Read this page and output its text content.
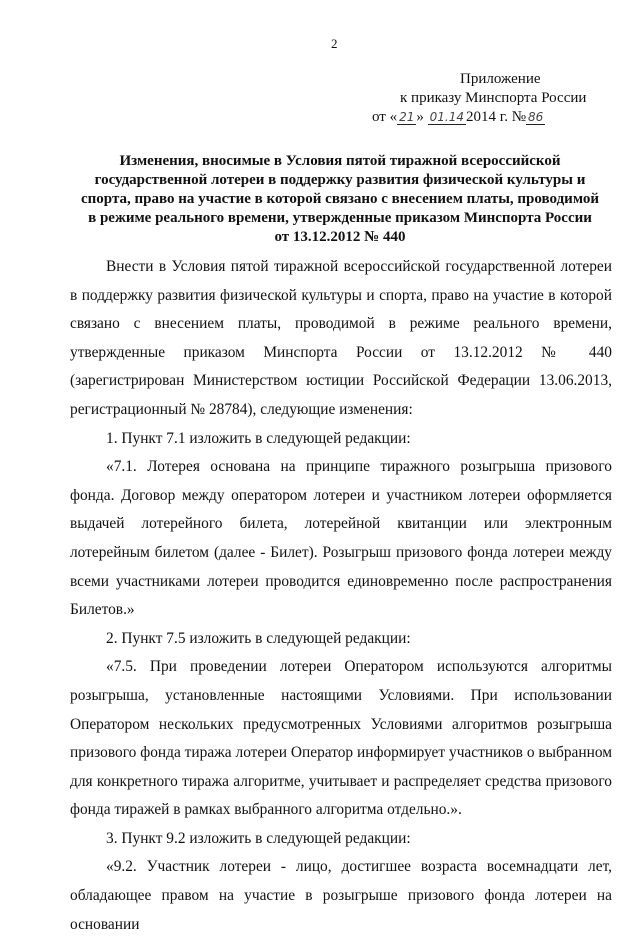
2
Приложение
к приказу Минспорта России
от « 21 » 01.14 2014 г. № 86
Изменения, вносимые в Условия пятой тиражной всероссийской государственной лотереи в поддержку развития физической культуры и спорта, право на участие в которой связано с внесением платы, проводимой в режиме реального времени, утвержденные приказом Минспорта России от 13.12.2012 № 440

Внести в Условия пятой тиражной всероссийской государственной лотереи в поддержку развития физической культуры и спорта, право на участие в которой связано с внесением платы, проводимой в режиме реального времени, утвержденные приказом Минспорта России от 13.12.2012 № 440 (зарегистрирован Министерством юстиции Российской Федерации 13.06.2013, регистрационный № 28784), следующие изменения:

1. Пункт 7.1 изложить в следующей редакции:

«7.1. Лотерея основана на принципе тиражного розыгрыша призового фонда. Договор между оператором лотереи и участником лотереи оформляется выдачей лотерейного билета, лотерейной квитанции или электронным лотерейным билетом (далее - Билет). Розыгрыш призового фонда лотереи между всеми участниками лотереи проводится единовременно после распространения Билетов.»

2. Пункт 7.5 изложить в следующей редакции:

«7.5. При проведении лотереи Оператором используются алгоритмы розыгрыша, установленные настоящими Условиями. При использовании Оператором нескольких предусмотренных Условиями алгоритмов розыгрыша призового фонда тиража лотереи Оператор информирует участников о выбранном для конкретного тиража алгоритме, учитывает и распределяет средства призового фонда тиражей в рамках выбранного алгоритма отдельно.».

3. Пункт 9.2 изложить в следующей редакции:

«9.2. Участник лотереи - лицо, достигшее возраста восемнадцати лет, обладающее правом на участие в розыгрыше призового фонда лотереи на основании
